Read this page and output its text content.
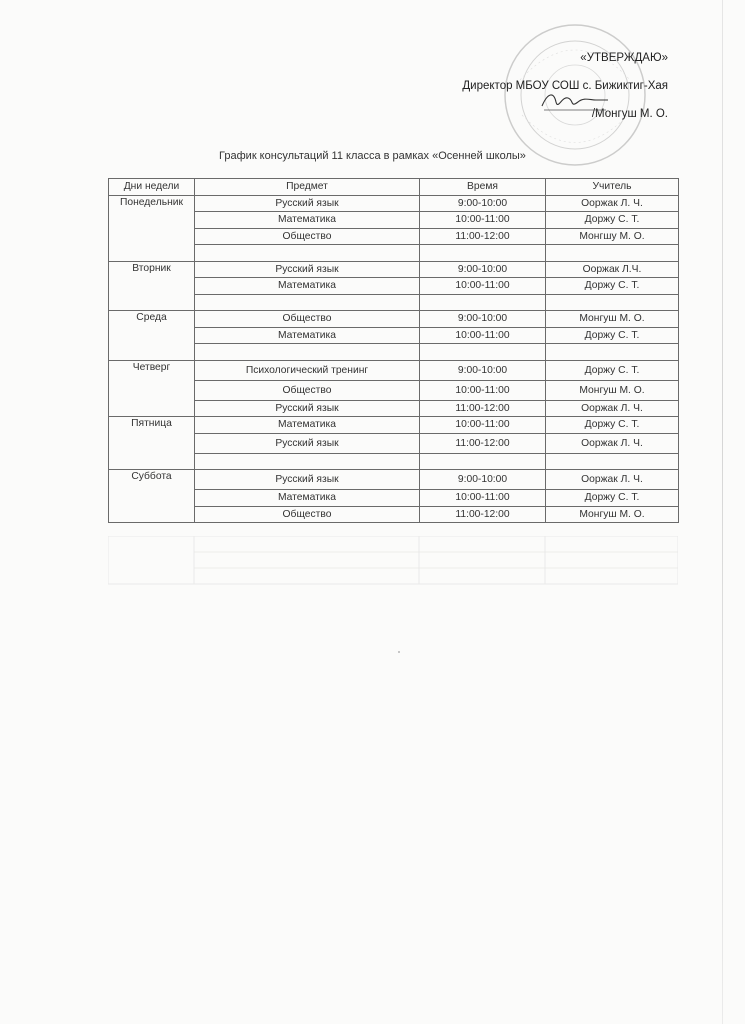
«УТВЕРЖДАЮ»
Директор МБОУ СОШ с. Бижиктиг-Хая
/Монгуш М. О.
График консультаций 11 класса в рамках «Осенней школы»
Дни недели	Предмет	Время	Учитель
Понедельник	Русский язык	9:00-10:00	Ооржак Л. Ч.
	Математика	10:00-11:00	Доржу С. Т.
	Общество	11:00-12:00	Монгшу М. О.

Вторник	Русский язык	9:00-10:00	Ооржак Л.Ч.
	Математика	10:00-11:00	Доржу С. Т.

Среда	Общество	9:00-10:00	Монгуш М. О.
	Математика	10:00-11:00	Доржу С. Т.

Четверг	Психологический тренинг	9:00-10:00	Доржу С. Т.
	Общество	10:00-11:00	Монгуш М. О.
	Русский язык	11:00-12:00	Ооржак Л. Ч.
Пятница	Математика	10:00-11:00	Доржу С. Т.
	Русский язык	11:00-12:00	Ооржак Л. Ч.

Суббота	Русский язык	9:00-10:00	Ооржак Л. Ч.
	Математика	10:00-11:00	Доржу С. Т.
	Общество	11:00-12:00	Монгуш М. О.
